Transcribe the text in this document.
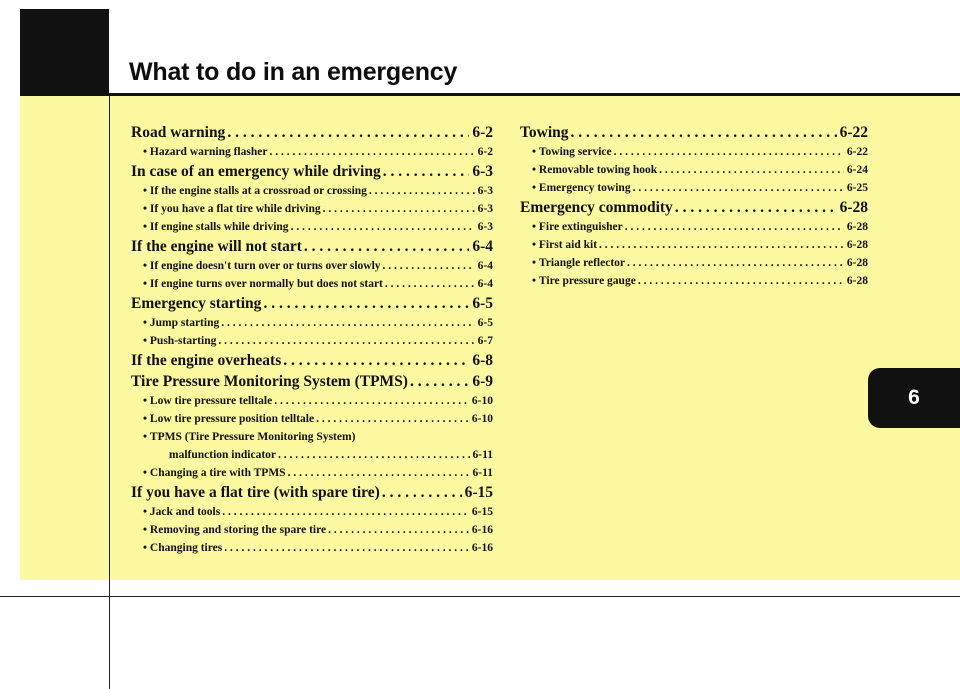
What to do in an emergency
Road warning . . .	6-2
• Hazard warning flasher . . .	6-2
In case of an emergency while driving . . .	6-3
• If the engine stalls at a crossroad or crossing . . .	6-3
• If you have a flat tire while driving . . .	6-3
• If engine stalls while driving . . .	6-3
If the engine will not start . . .	6-4
• If engine doesn't turn over or turns over slowly . . .	6-4
• If engine turns over normally but does not start . . .	6-4
Emergency starting . . .	6-5
• Jump starting . . .	6-5
• Push-starting . . .	6-7
If the engine overheats . . .	6-8
Tire Pressure Monitoring System (TPMS) . . .	6-9
• Low tire pressure telltale . . .	6-10
• Low tire pressure position telltale . . .	6-10
• TPMS (Tire Pressure Monitoring System)
malfunction indicator . . .	6-11
• Changing a tire with TPMS . . .	6-11
If you have a flat tire (with spare tire) . . .	6-15
• Jack and tools . . .	6-15
• Removing and storing the spare tire . . .	6-16
• Changing tires . . .	6-16
Towing . . .	6-22
• Towing service . . .	6-22
• Removable towing hook . . .	6-24
• Emergency towing . . .	6-25
Emergency commodity . . .	6-28
• Fire extinguisher . . .	6-28
• First aid kit . . .	6-28
• Triangle reflector . . .	6-28
• Tire pressure gauge . . .	6-28
6
